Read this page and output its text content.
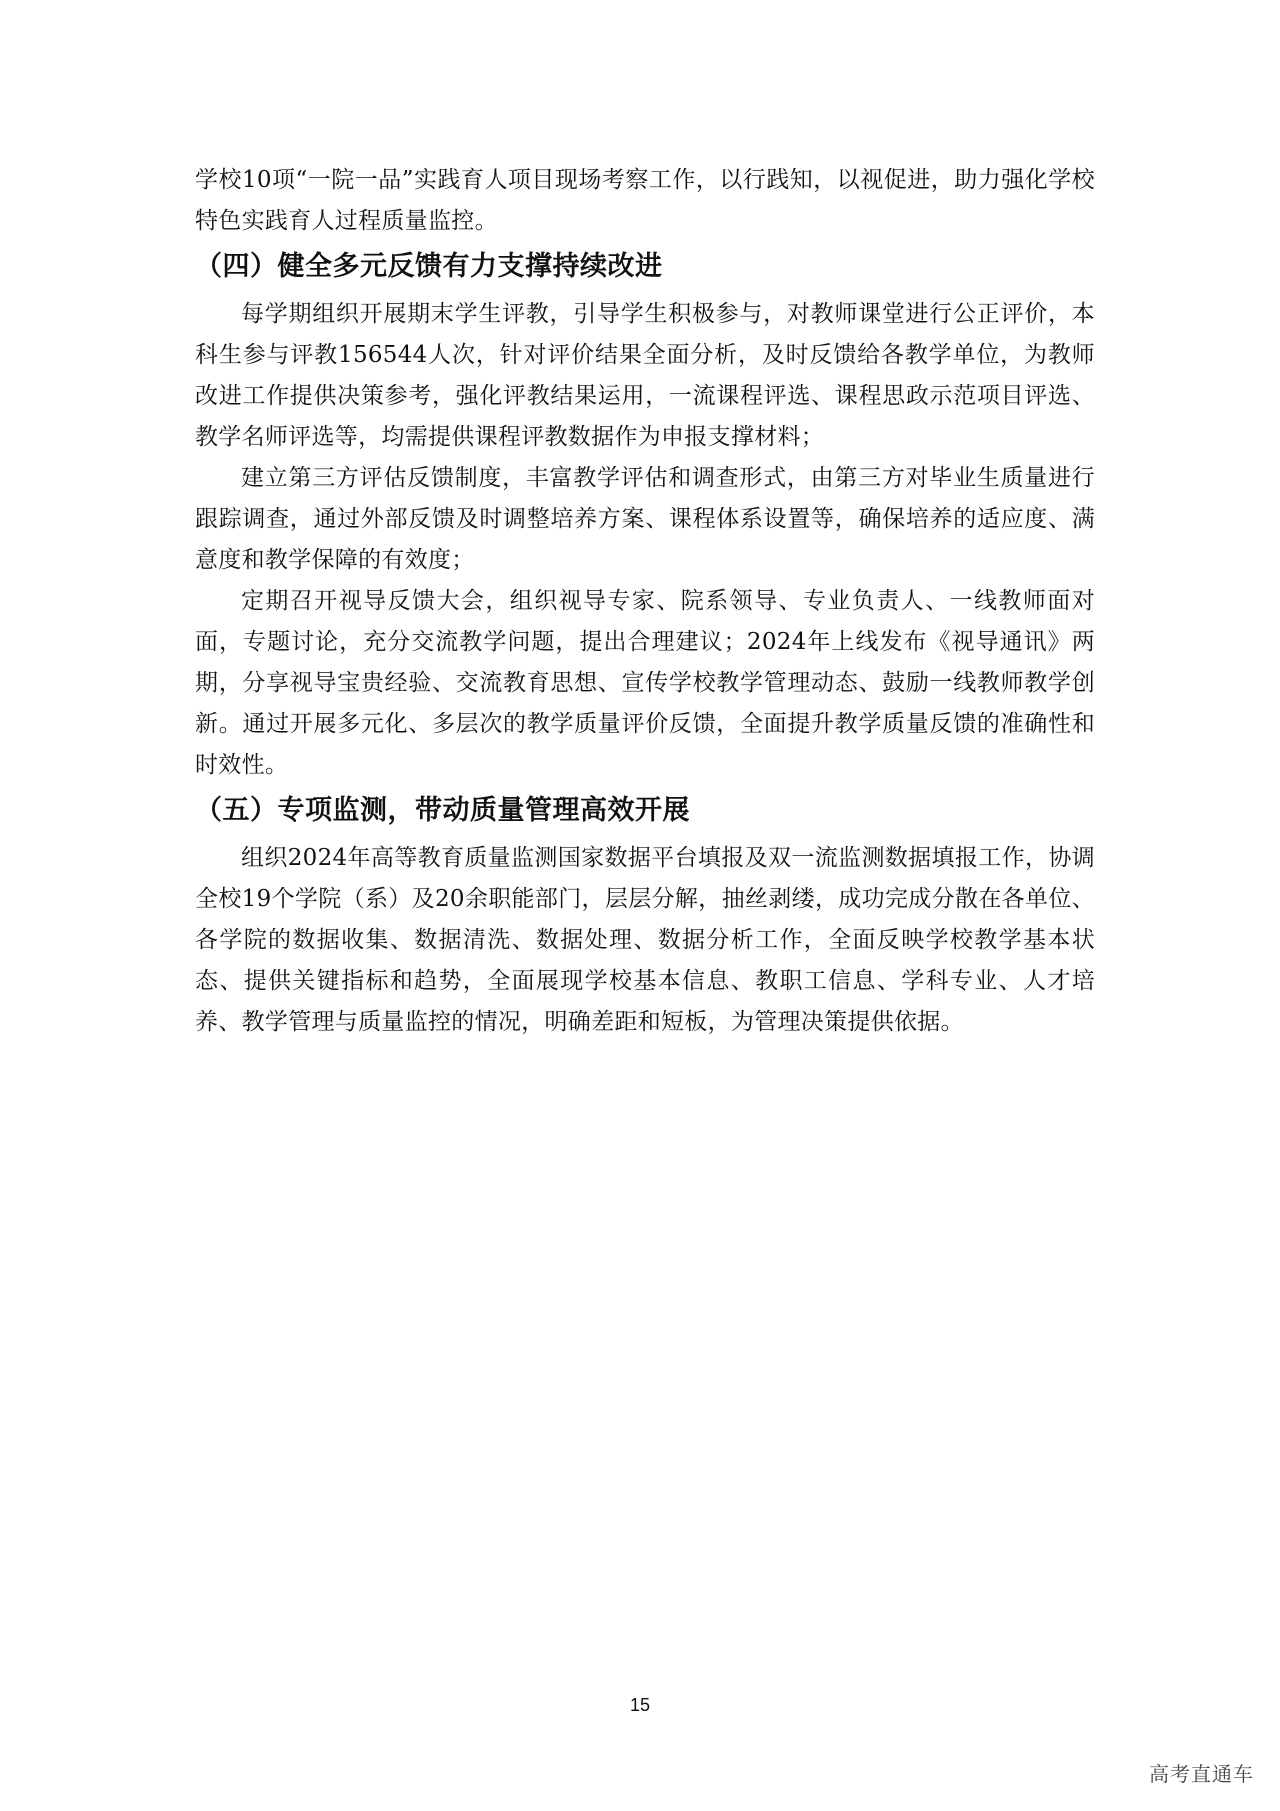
学校10项“一院一品”实践育人项目现场考察工作，以行践知，以视促进，助力强化学校特色实践育人过程质量监控。

（四）健全多元反馈有力支撑持续改进

每学期组织开展期末学生评教，引导学生积极参与，对教师课堂进行公正评价，本科生参与评教156544人次，针对评价结果全面分析，及时反馈给各教学单位，为教师改进工作提供决策参考，强化评教结果运用，一流课程评选、课程思政示范项目评选、教学名师评选等，均需提供课程评教数据作为申报支撑材料；

建立第三方评估反馈制度，丰富教学评估和调查形式，由第三方对毕业生质量进行跟踪调查，通过外部反馈及时调整培养方案、课程体系设置等，确保培养的适应度、满意度和教学保障的有效度；

定期召开视导反馈大会，组织视导专家、院系领导、专业负责人、一线教师面对面，专题讨论，充分交流教学问题，提出合理建议；2024年上线发布《视导通讯》两期，分享视导宝贵经验、交流教育思想、宣传学校教学管理动态、鼓励一线教师教学创新。通过开展多元化、多层次的教学质量评价反馈，全面提升教学质量反馈的准确性和时效性。

（五）专项监测，带动质量管理高效开展

组织2024年高等教育质量监测国家数据平台填报及双一流监测数据填报工作，协调全校19个学院（系）及20余职能部门，层层分解，抽丝剥缕，成功完成分散在各单位、各学院的数据收集、数据清洗、数据处理、数据分析工作，全面反映学校教学基本状态、提供关键指标和趋势，全面展现学校基本信息、教职工信息、学科专业、人才培养、教学管理与质量监控的情况，明确差距和短板，为管理决策提供依据。

15
高考直通车
